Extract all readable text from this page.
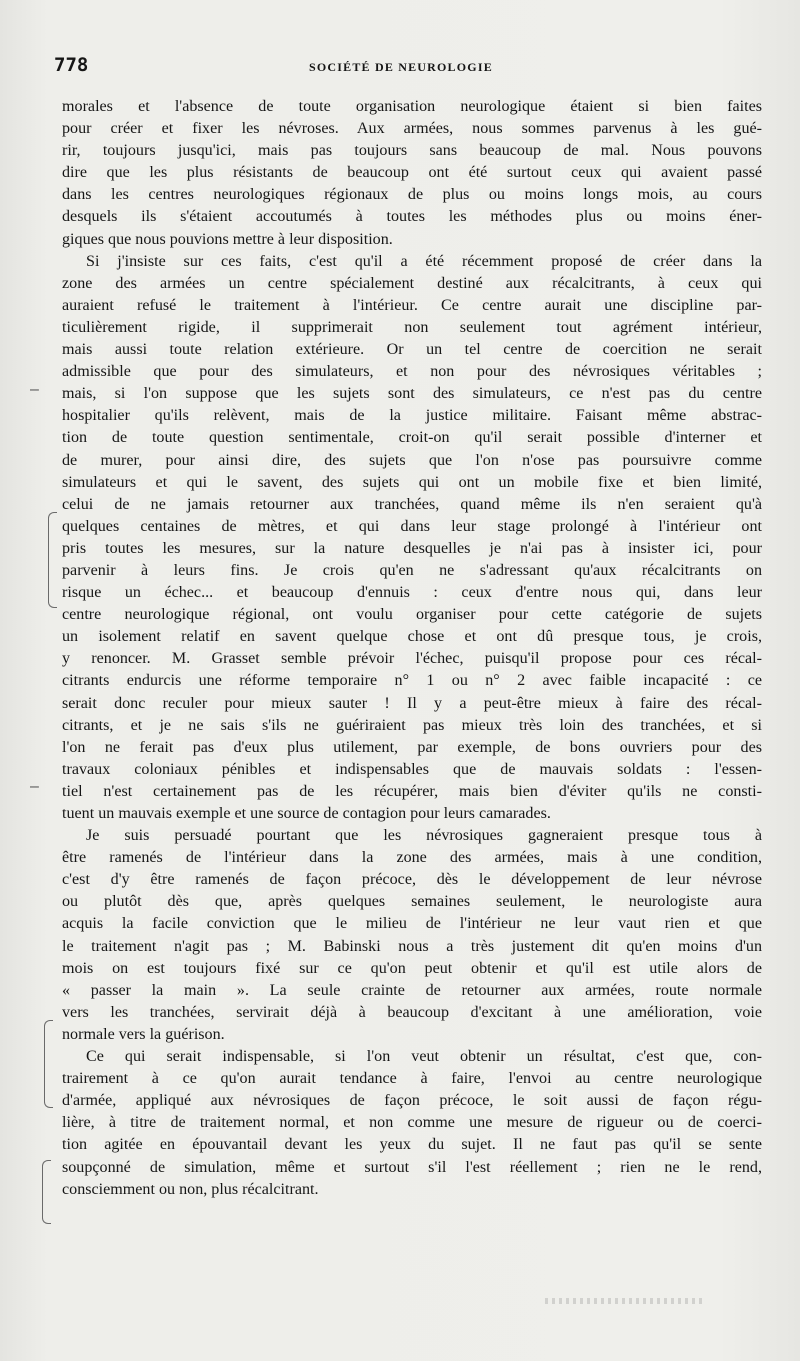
778	SOCIÉTÉ DE NEUROLOGIE
morales et l'absence de toute organisation neurologique étaient si bien faites
pour créer et fixer les névroses. Aux armées, nous sommes parvenus à les gué-
rir, toujours jusqu'ici, mais pas toujours sans beaucoup de mal. Nous pouvons
dire que les plus résistants de beaucoup ont été surtout ceux qui avaient passé
dans les centres neurologiques régionaux de plus ou moins longs mois, au cours
desquels ils s'étaient accoutumés à toutes les méthodes plus ou moins éner-
giques que nous pouvions mettre à leur disposition.
Si j'insiste sur ces faits, c'est qu'il a été récemment proposé de créer dans la
zone des armées un centre spécialement destiné aux récalcitrants, à ceux qui
auraient refusé le traitement à l'intérieur. Ce centre aurait une discipline par-
ticulièrement rigide, il supprimerait non seulement tout agrément intérieur,
mais aussi toute relation extérieure. Or un tel centre de coercition ne serait
admissible que pour des simulateurs, et non pour des névrosiques véritables ;
mais, si l'on suppose que les sujets sont des simulateurs, ce n'est pas du centre
hospitalier qu'ils relèvent, mais de la justice militaire. Faisant même abstrac-
tion de toute question sentimentale, croit-on qu'il serait possible d'interner et
de murer, pour ainsi dire, des sujets que l'on n'ose pas poursuivre comme
simulateurs et qui le savent, des sujets qui ont un mobile fixe et bien limité,
celui de ne jamais retourner aux tranchées, quand même ils n'en seraient qu'à
quelques centaines de mètres, et qui dans leur stage prolongé à l'intérieur ont
pris toutes les mesures, sur la nature desquelles je n'ai pas à insister ici, pour
parvenir à leurs fins. Je crois qu'en ne s'adressant qu'aux récalcitrants on
risque un échec... et beaucoup d'ennuis : ceux d'entre nous qui, dans leur
centre neurologique régional, ont voulu organiser pour cette catégorie de sujets
un isolement relatif en savent quelque chose et ont dû presque tous, je crois,
y renoncer. M. Grasset semble prévoir l'échec, puisqu'il propose pour ces récal-
citrants endurcis une réforme temporaire n° 1 ou n° 2 avec faible incapacité : ce
serait donc reculer pour mieux sauter ! Il y a peut-être mieux à faire des récal-
citrants, et je ne sais s'ils ne guériraient pas mieux très loin des tranchées, et si
l'on ne ferait pas d'eux plus utilement, par exemple, de bons ouvriers pour des
travaux coloniaux pénibles et indispensables que de mauvais soldats : l'essen-
tiel n'est certainement pas de les récupérer, mais bien d'éviter qu'ils ne consti-
tuent un mauvais exemple et une source de contagion pour leurs camarades.
Je suis persuadé pourtant que les névrosiques gagneraient presque tous à
être ramenés de l'intérieur dans la zone des armées, mais à une condition,
c'est d'y être ramenés de façon précoce, dès le développement de leur névrose
ou plutôt dès que, après quelques semaines seulement, le neurologiste aura
acquis la facile conviction que le milieu de l'intérieur ne leur vaut rien et que
le traitement n'agit pas ; M. Babinski nous a très justement dit qu'en moins d'un
mois on est toujours fixé sur ce qu'on peut obtenir et qu'il est utile alors de
« passer la main ». La seule crainte de retourner aux armées, route normale
vers les tranchées, servirait déjà à beaucoup d'excitant à une amélioration, voie
normale vers la guérison.
Ce qui serait indispensable, si l'on veut obtenir un résultat, c'est que, con-
trairement à ce qu'on aurait tendance à faire, l'envoi au centre neurologique
d'armée, appliqué aux névrosiques de façon précoce, le soit aussi de façon régu-
lière, à titre de traitement normal, et non comme une mesure de rigueur ou de coerci-
tion agitée en épouvantail devant les yeux du sujet. Il ne faut pas qu'il se sente
soupçonné de simulation, même et surtout s'il l'est réellement ; rien ne le rend,
consciemment ou non, plus récalcitrant.
–
–
